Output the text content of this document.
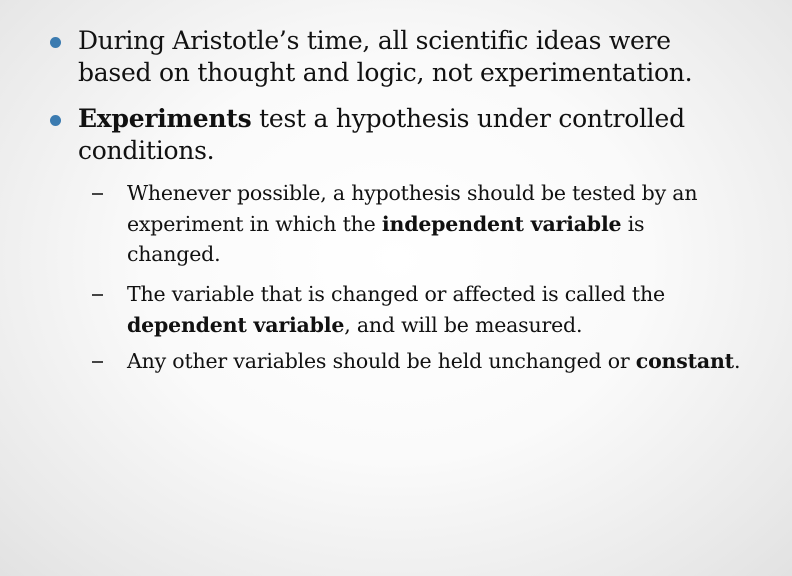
During Aristotle’s time, all scientific ideas were based on thought and logic, not experimentation.
Experiments test a hypothesis under controlled conditions.
Whenever possible, a hypothesis should be tested by an experiment in which the independent variable is changed.
The variable that is changed or affected is called the dependent variable, and will be measured.
Any other variables should be held unchanged or constant.
